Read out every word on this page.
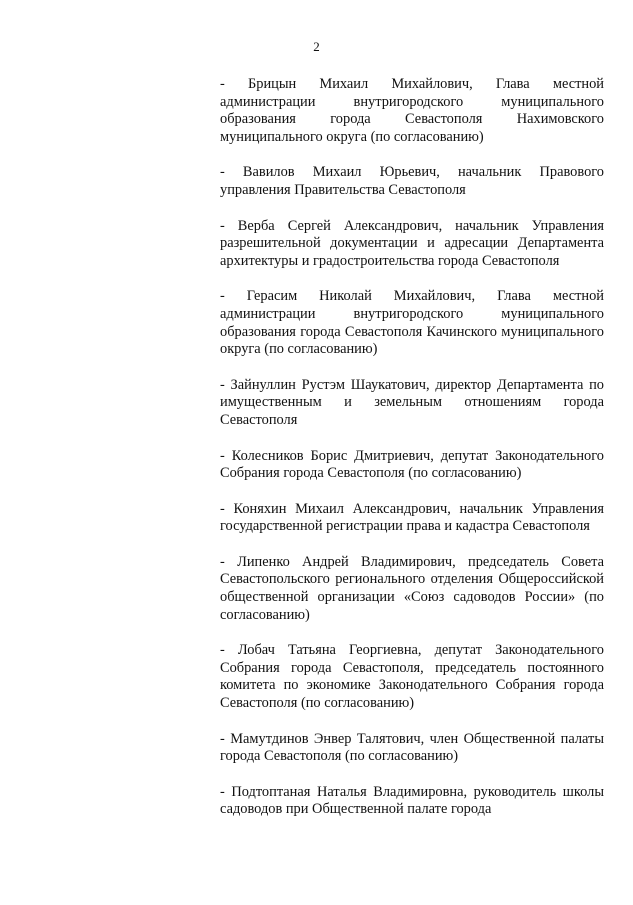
2

- Брицын Михаил Михайлович, Глава местной администрации внутригородского муниципального образования города Севастополя Нахимовского муниципального округа (по согласованию)

- Вавилов Михаил Юрьевич, начальник Правового управления Правительства Севастополя

- Верба Сергей Александрович, начальник Управления разрешительной документации и адресации Департамента архитектуры и градостроительства города Севастополя

- Герасим Николай Михайлович, Глава местной администрации внутригородского муниципального образования города Севастополя Качинского муниципального округа (по согласованию)

- Зайнуллин Рустэм Шаукатович, директор Департамента по имущественным и земельным отношениям города Севастополя

- Колесников Борис Дмитриевич, депутат Законодательного Собрания города Севастополя (по согласованию)

- Коняхин Михаил Александрович, начальник Управления государственной регистрации права и кадастра Севастополя

- Липенко Андрей Владимирович, председатель Совета Севастопольского регионального отделения Общероссийской общественной организации «Союз садоводов России» (по согласованию)

- Лобач Татьяна Георгиевна, депутат Законодательного Собрания города Севастополя, председатель постоянного комитета по экономике Законодательного Собрания города Севастополя (по согласованию)

- Мамутдинов Энвер Талятович, член Общественной палаты города Севастополя (по согласованию)

- Подтоптаная Наталья Владимировна, руководитель школы садоводов при Общественной палате города
